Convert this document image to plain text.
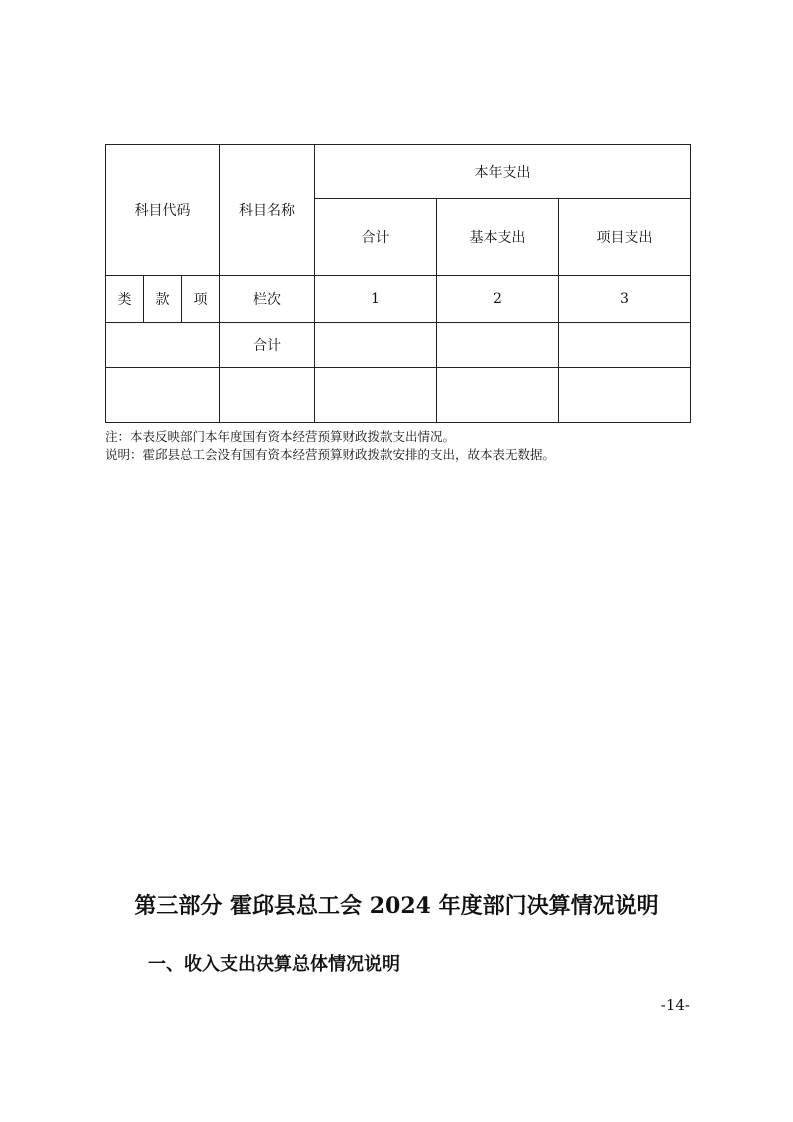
科目代码			科目名称	本年支出		
				合计	基本支出	项目支出
类	款	项	栏次	1	2	3
			合计			

注：本表反映部门本年度国有资本经营预算财政拨款支出情况。
说明：霍邱县总工会没有国有资本经营预算财政拨款安排的支出，故本表无数据。
第三部分 霍邱县总工会 2024 年度部门决算情况说明
一、收入支出决算总体情况说明
-14-
